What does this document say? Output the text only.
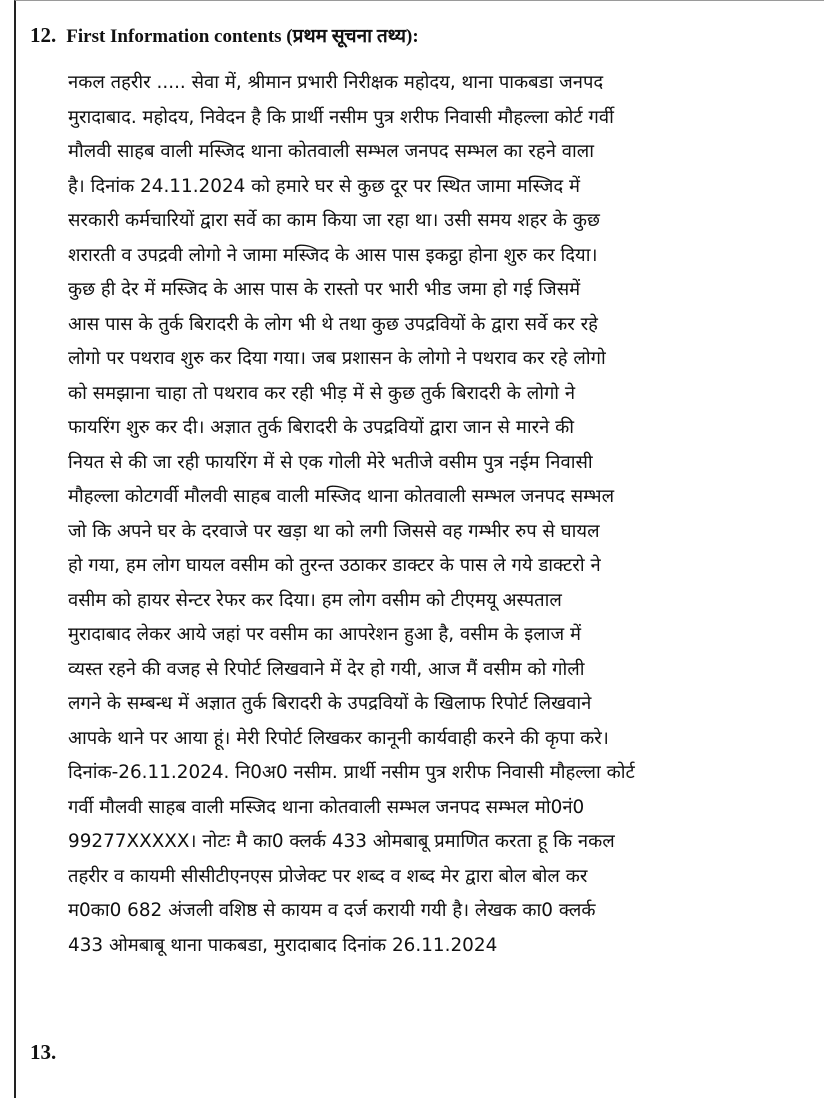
12. First Information contents (प्रथम सूचना तथ्य):
नकल तहरीर ..... सेवा में, श्रीमान प्रभारी निरीक्षक महोदय, थाना पाकबडा जनपद
मुरादाबाद. महोदय, निवेदन है कि प्रार्थी नसीम पुत्र शरीफ निवासी मौहल्ला कोर्ट गर्वी
मौलवी साहब वाली मस्जिद थाना कोतवाली सम्भल जनपद सम्भल का रहने वाला
है। दिनांक 24.11.2024 को हमारे घर से कुछ दूर पर स्थित जामा मस्जिद में
सरकारी कर्मचारियों द्वारा सर्वे का काम किया जा रहा था। उसी समय शहर के कुछ
शरारती व उपद्रवी लोगो ने जामा मस्जिद के आस पास इकट्ठा होना शुरु कर दिया।
कुछ ही देर में मस्जिद के आस पास के रास्तो पर भारी भीड जमा हो गई जिसमें
आस पास के तुर्क बिरादरी के लोग भी थे तथा कुछ उपद्रवियों के द्वारा सर्वे कर रहे
लोगो पर पथराव शुरु कर दिया गया। जब प्रशासन के लोगो ने पथराव कर रहे लोगो
को समझाना चाहा तो पथराव कर रही भीड़ में से कुछ तुर्क बिरादरी के लोगो ने
फायरिंग शुरु कर दी। अज्ञात तुर्क बिरादरी के उपद्रवियों द्वारा जान से मारने की
नियत से की जा रही फायरिंग में से एक गोली मेरे भतीजे वसीम पुत्र नईम निवासी
मौहल्ला कोटगर्वी मौलवी साहब वाली मस्जिद थाना कोतवाली सम्भल जनपद सम्भल
जो कि अपने घर के दरवाजे पर खड़ा था को लगी जिससे वह गम्भीर रुप से घायल
हो गया, हम लोग घायल वसीम को तुरन्त उठाकर डाक्टर के पास ले गये डाक्टरो ने
वसीम को हायर सेन्टर रेफर कर दिया। हम लोग वसीम को टीएमयू अस्पताल
मुरादाबाद लेकर आये जहां पर वसीम का आपरेशन हुआ है, वसीम के इलाज में
व्यस्त रहने की वजह से रिपोर्ट लिखवाने में देर हो गयी, आज मैं वसीम को गोली
लगने के सम्बन्ध में अज्ञात तुर्क बिरादरी के उपद्रवियों के खिलाफ रिपोर्ट लिखवाने
आपके थाने पर आया हूं। मेरी रिपोर्ट लिखकर कानूनी कार्यवाही करने की कृपा करे।
दिनांक-26.11.2024. नि0अ0 नसीम. प्रार्थी नसीम पुत्र शरीफ निवासी मौहल्ला कोर्ट
गर्वी मौलवी साहब वाली मस्जिद थाना कोतवाली सम्भल जनपद सम्भल मो0नं0
99277XXXXX। नोटः मै का0 क्लर्क 433 ओमबाबू प्रमाणित करता हू कि नकल
तहरीर व कायमी सीसीटीएनएस प्रोजेक्ट पर शब्द व शब्द मेर द्वारा बोल बोल कर
म0का0 682 अंजली वशिष्ठ से कायम व दर्ज करायी गयी है। लेखक का0 क्लर्क
433 ओमबाबू थाना पाकबडा, मुरादाबाद दिनांक 26.11.2024
13.
